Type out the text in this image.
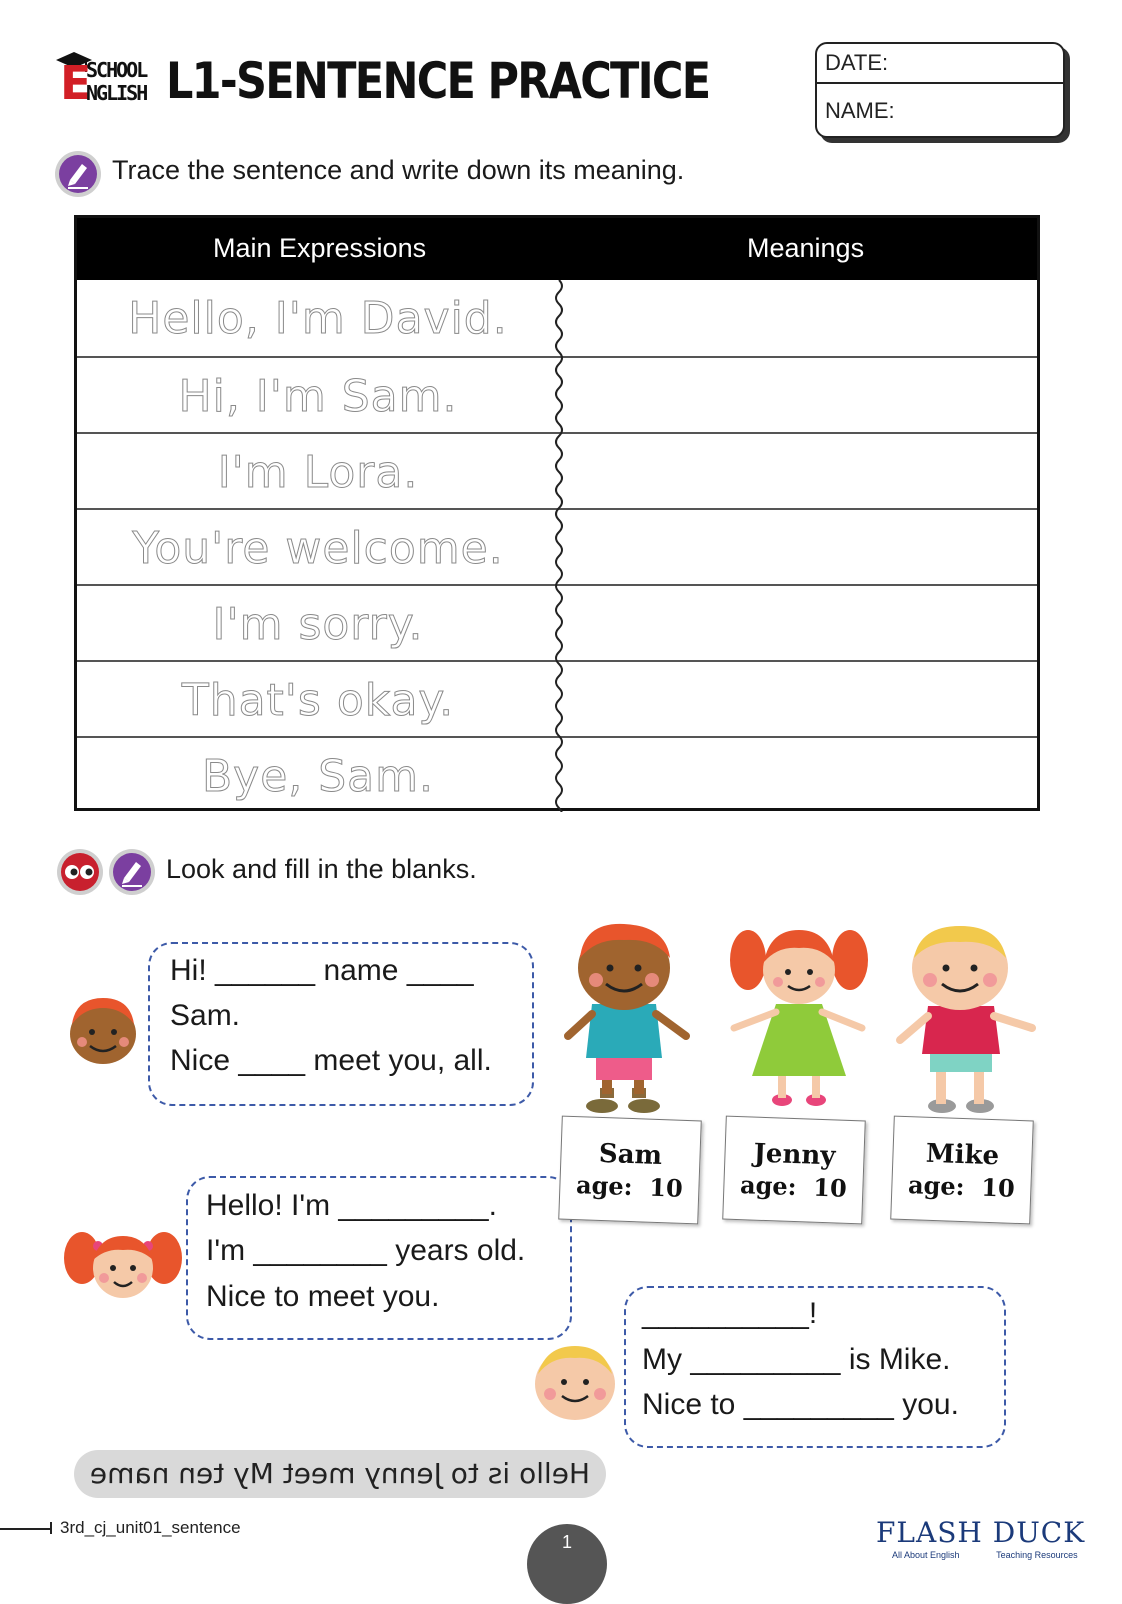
E
SCHOOL
NGLISH L1-SENTENCE PRACTICE	DATE:
NAME:
Trace the sentence and write down its meaning.
Main Expressions	Meanings
Hello, I'm David.
Hi, I'm Sam.
I'm Lora.
You're welcome.
I'm sorry.
That's okay.
Bye, Sam.
Look and fill in the blanks.
Hi! ______ name ____
Sam.
Nice ____ meet you, all.
Hello! I'm _________.
I'm ________ years old.
Nice to meet you.
__________!
My _________ is Mike.
Nice to _________ you.
Sam
age: 10
Jenny
age: 10
Mike
age: 10
Hello is to Jenny meet My ten name
3rd_cj_unit01_sentence
1	FLASH DUCK
All About English	Teaching Resources
